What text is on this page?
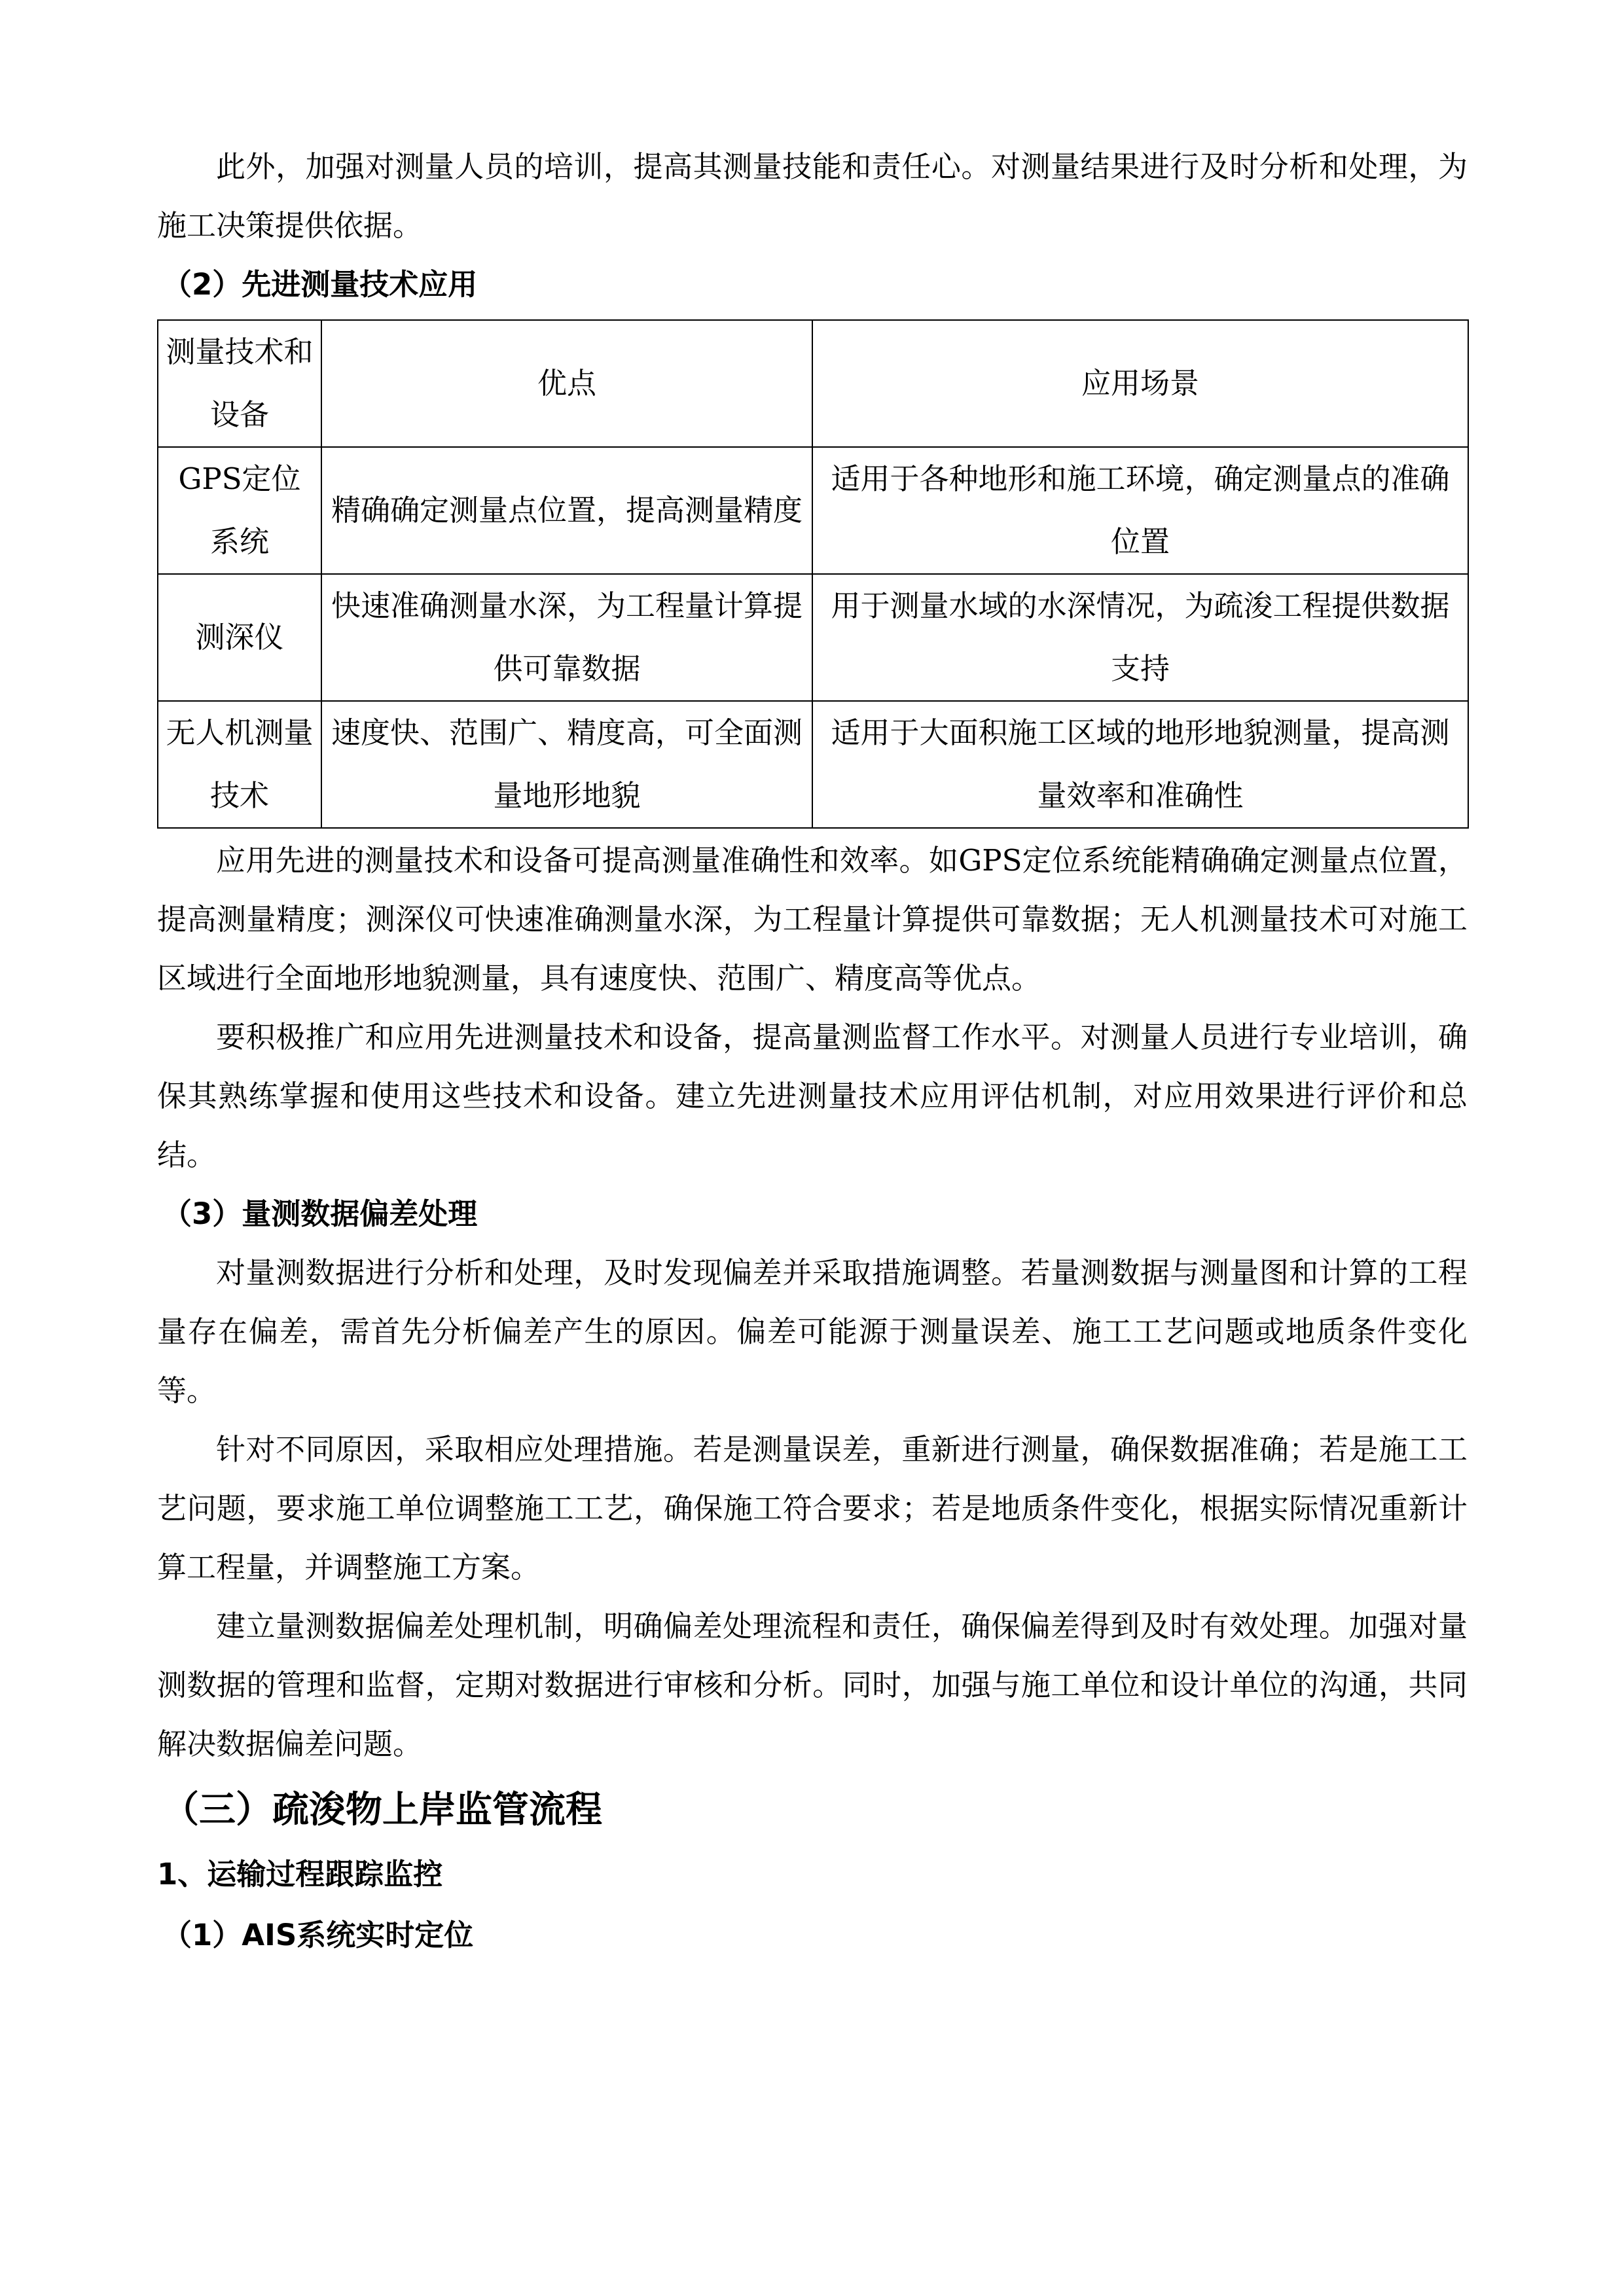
此外，加强对测量人员的培训，提高其测量技能和责任心。对测量结果进行及时分析和处理，为施工决策提供依据。

（2）先进测量技术应用

测量技术和设备	优点	应用场景
GPS定位系统	精确确定测量点位置，提高测量精度	适用于各种地形和施工环境，确定测量点的准确位置
测深仪	快速准确测量水深，为工程量计算提供可靠数据	用于测量水域的水深情况，为疏浚工程提供数据支持
无人机测量技术	速度快、范围广、精度高，可全面测量地形地貌	适用于大面积施工区域的地形地貌测量，提高测量效率和准确性

应用先进的测量技术和设备可提高测量准确性和效率。如GPS定位系统能精确确定测量点位置，提高测量精度；测深仪可快速准确测量水深，为工程量计算提供可靠数据；无人机测量技术可对施工区域进行全面地形地貌测量，具有速度快、范围广、精度高等优点。

要积极推广和应用先进测量技术和设备，提高量测监督工作水平。对测量人员进行专业培训，确保其熟练掌握和使用这些技术和设备。建立先进测量技术应用评估机制，对应用效果进行评价和总结。

（3）量测数据偏差处理

对量测数据进行分析和处理，及时发现偏差并采取措施调整。若量测数据与测量图和计算的工程量存在偏差，需首先分析偏差产生的原因。偏差可能源于测量误差、施工工艺问题或地质条件变化等。

针对不同原因，采取相应处理措施。若是测量误差，重新进行测量，确保数据准确；若是施工工艺问题，要求施工单位调整施工工艺，确保施工符合要求；若是地质条件变化，根据实际情况重新计算工程量，并调整施工方案。

建立量测数据偏差处理机制，明确偏差处理流程和责任，确保偏差得到及时有效处理。加强对量测数据的管理和监督，定期对数据进行审核和分析。同时，加强与施工单位和设计单位的沟通，共同解决数据偏差问题。

（三）疏浚物上岸监管流程

1、运输过程跟踪监控

（1）AIS系统实时定位
